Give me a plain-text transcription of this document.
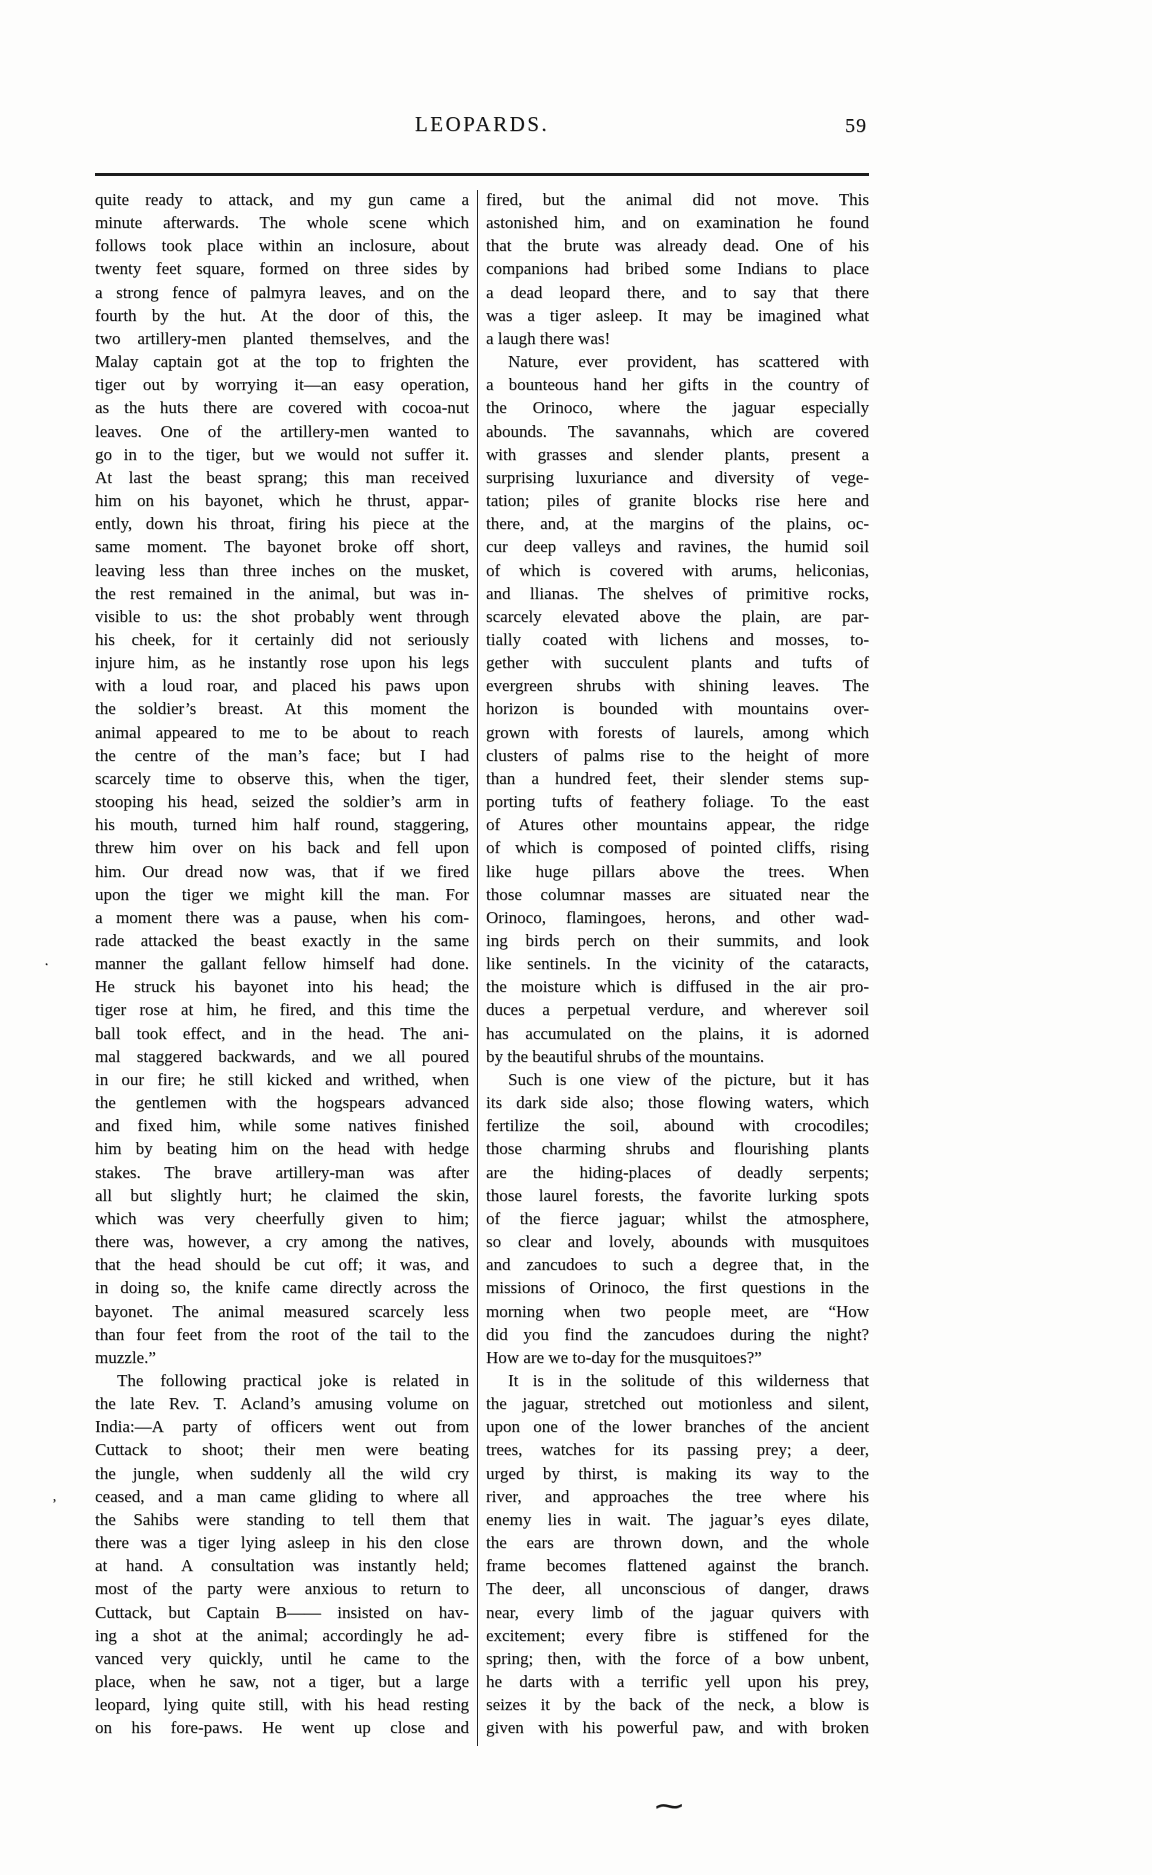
LEOPARDS.	59
quite ready to attack, and my gun came a
minute afterwards. The whole scene which
follows took place within an inclosure, about
twenty feet square, formed on three sides by
a strong fence of palmyra leaves, and on the
fourth by the hut. At the door of this, the
two artillery-men planted themselves, and the
Malay captain got at the top to frighten the
tiger out by worrying it—an easy operation,
as the huts there are covered with cocoa-nut
leaves. One of the artillery-men wanted to
go in to the tiger, but we would not suffer it.
At last the beast sprang; this man received
him on his bayonet, which he thrust, appar-
ently, down his throat, firing his piece at the
same moment. The bayonet broke off short,
leaving less than three inches on the musket,
the rest remained in the animal, but was in-
visible to us: the shot probably went through
his cheek, for it certainly did not seriously
injure him, as he instantly rose upon his legs
with a loud roar, and placed his paws upon
the soldier’s breast. At this moment the
animal appeared to me to be about to reach
the centre of the man’s face; but I had
scarcely time to observe this, when the tiger,
stooping his head, seized the soldier’s arm in
his mouth, turned him half round, staggering,
threw him over on his back and fell upon
him. Our dread now was, that if we fired
upon the tiger we might kill the man. For
a moment there was a pause, when his com-
rade attacked the beast exactly in the same
manner the gallant fellow himself had done.
He struck his bayonet into his head; the
tiger rose at him, he fired, and this time the
ball took effect, and in the head. The ani-
mal staggered backwards, and we all poured
in our fire; he still kicked and writhed, when
the gentlemen with the hogspears advanced
and fixed him, while some natives finished
him by beating him on the head with hedge
stakes. The brave artillery-man was after
all but slightly hurt; he claimed the skin,
which was very cheerfully given to him;
there was, however, a cry among the natives,
that the head should be cut off; it was, and
in doing so, the knife came directly across the
bayonet. The animal measured scarcely less
than four feet from the root of the tail to the
muzzle.”
The following practical joke is related in
the late Rev. T. Acland’s amusing volume on
India:—A party of officers went out from
Cuttack to shoot; their men were beating
the jungle, when suddenly all the wild cry
ceased, and a man came gliding to where all
the Sahibs were standing to tell them that
there was a tiger lying asleep in his den close
at hand. A consultation was instantly held;
most of the party were anxious to return to
Cuttack, but Captain B—— insisted on hav-
ing a shot at the animal; accordingly he ad-
vanced very quickly, until he came to the
place, when he saw, not a tiger, but a large
leopard, lying quite still, with his head resting
on his fore-paws. He went up close and
fired, but the animal did not move. This
astonished him, and on examination he found
that the brute was already dead. One of his
companions had bribed some Indians to place
a dead leopard there, and to say that there
was a tiger asleep. It may be imagined what
a laugh there was!
Nature, ever provident, has scattered with
a bounteous hand her gifts in the country of
the Orinoco, where the jaguar especially
abounds. The savannahs, which are covered
with grasses and slender plants, present a
surprising luxuriance and diversity of vege-
tation; piles of granite blocks rise here and
there, and, at the margins of the plains, oc-
cur deep valleys and ravines, the humid soil
of which is covered with arums, heliconias,
and llianas. The shelves of primitive rocks,
scarcely elevated above the plain, are par-
tially coated with lichens and mosses, to-
gether with succulent plants and tufts of
evergreen shrubs with shining leaves. The
horizon is bounded with mountains over-
grown with forests of laurels, among which
clusters of palms rise to the height of more
than a hundred feet, their slender stems sup-
porting tufts of feathery foliage. To the east
of Atures other mountains appear, the ridge
of which is composed of pointed cliffs, rising
like huge pillars above the trees. When
those columnar masses are situated near the
Orinoco, flamingoes, herons, and other wad-
ing birds perch on their summits, and look
like sentinels. In the vicinity of the cataracts,
the moisture which is diffused in the air pro-
duces a perpetual verdure, and wherever soil
has accumulated on the plains, it is adorned
by the beautiful shrubs of the mountains.
Such is one view of the picture, but it has
its dark side also; those flowing waters, which
fertilize the soil, abound with crocodiles;
those charming shrubs and flourishing plants
are the hiding-places of deadly serpents;
those laurel forests, the favorite lurking spots
of the fierce jaguar; whilst the atmosphere,
so clear and lovely, abounds with musquitoes
and zancudoes to such a degree that, in the
missions of Orinoco, the first questions in the
morning when two people meet, are “How
did you find the zancudoes during the night?
How are we to-day for the musquitoes?”
It is in the solitude of this wilderness that
the jaguar, stretched out motionless and silent,
upon one of the lower branches of the ancient
trees, watches for its passing prey; a deer,
urged by thirst, is making its way to the
river, and approaches the tree where his
enemy lies in wait. The jaguar’s eyes dilate,
the ears are thrown down, and the whole
frame becomes flattened against the branch.
The deer, all unconscious of danger, draws
near, every limb of the jaguar quivers with
excitement; every fibre is stiffened for the
spring; then, with the force of a bow unbent,
he darts with a terrific yell upon his prey,
seizes it by the back of the neck, a blow is
given with his powerful paw, and with broken
·
’
⁓
